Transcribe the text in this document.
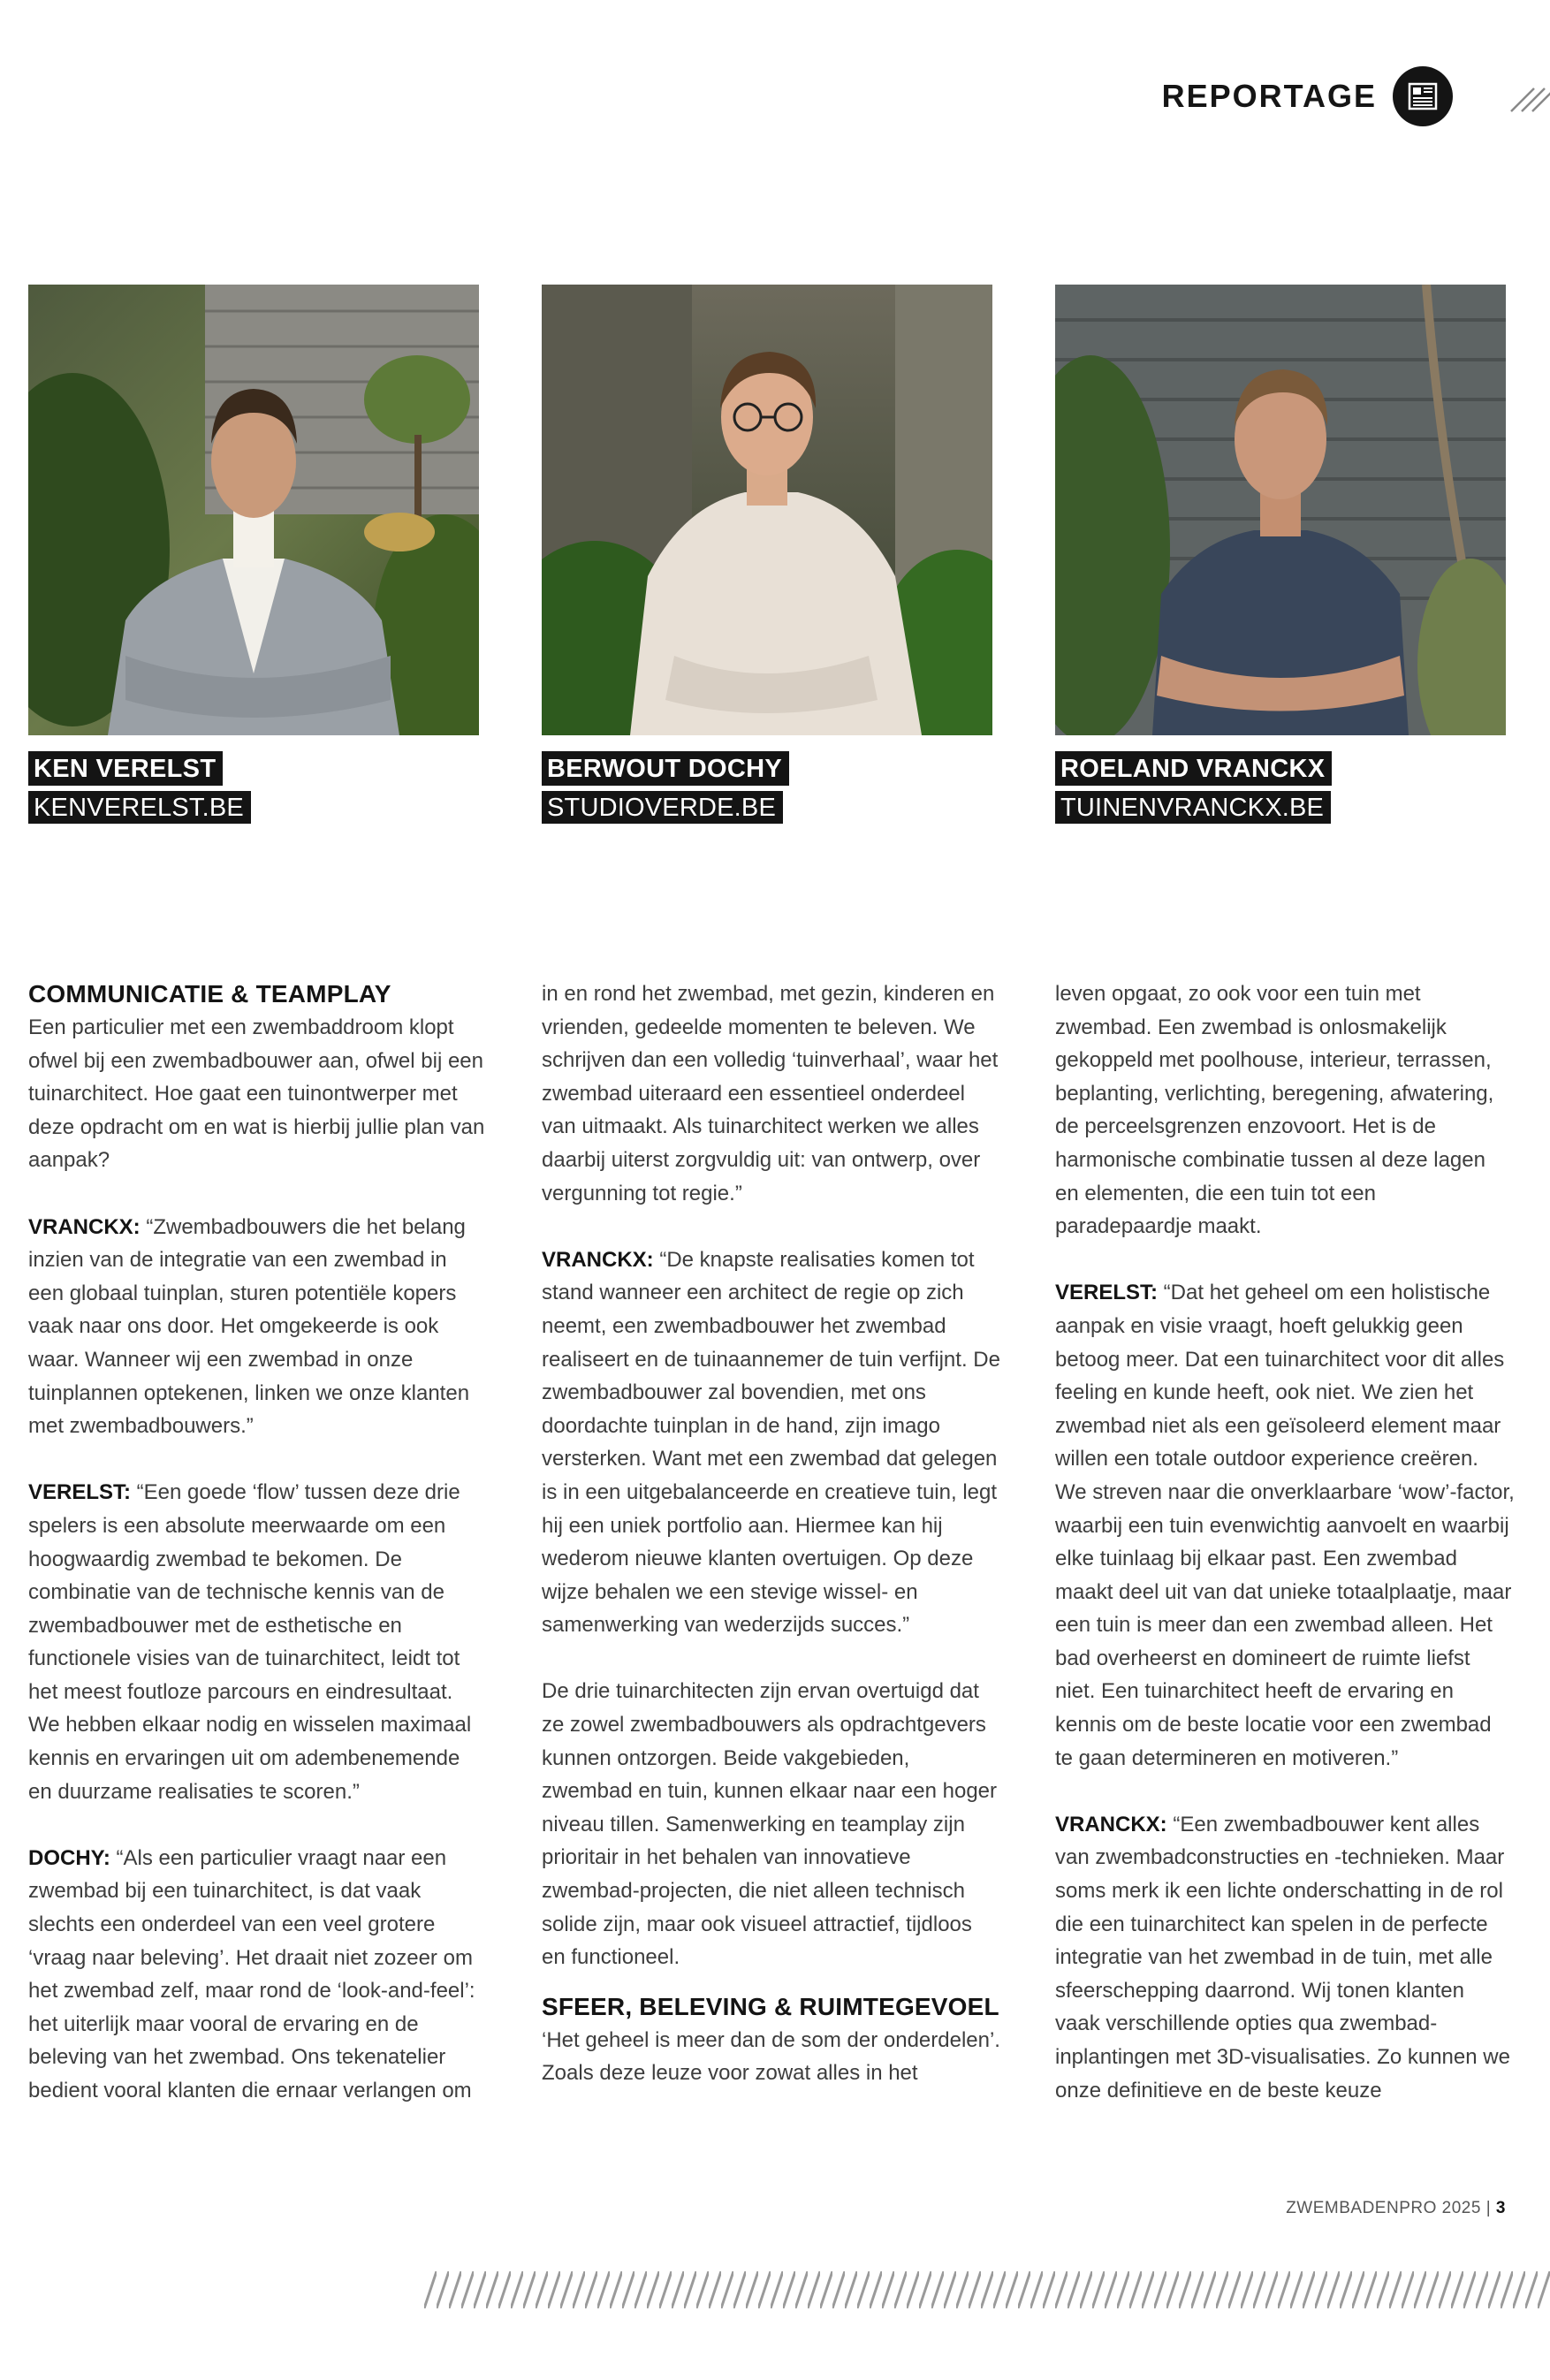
REPORTAGE
KEN VERELST
KENVERELST.BE
BERWOUT DOCHY
STUDIOVERDE.BE
ROELAND VRANCKX
TUINENVRANCKX.BE
COMMUNICATIE & TEAMPLAY

Een particulier met een zwembaddroom klopt ofwel bij een zwembadbouwer aan, ofwel bij een tuinarchitect. Hoe gaat een tuinontwerper met deze opdracht om en wat is hierbij jullie plan van aanpak?

VRANCKX: “Zwembadbouwers die het belang inzien van de integratie van een zwembad in een globaal tuinplan, sturen potentiële kopers vaak naar ons door. Het omgekeerde is ook waar. Wanneer wij een zwembad in onze tuinplannen optekenen, linken we onze klanten met zwembadbouwers.”

VERELST: “Een goede ‘flow’ tussen deze drie spelers is een absolute meerwaarde om een hoogwaardig zwembad te bekomen. De combinatie van de technische kennis van de zwembadbouwer met de esthetische en functionele visies van de tuinarchitect, leidt tot het meest foutloze parcours en eindresultaat. We hebben elkaar nodig en wisselen maximaal kennis en ervaringen uit om adembenemende en duurzame realisaties te scoren.”

DOCHY: “Als een particulier vraagt naar een zwembad bij een tuinarchitect, is dat vaak slechts een onderdeel van een veel grotere ‘vraag naar beleving’. Het draait niet zozeer om het zwembad zelf, maar rond de ‘look-and-feel’: het uiterlijk maar vooral de ervaring en de beleving van het zwembad. Ons tekenatelier bedient vooral klanten die ernaar verlangen om

in en rond het zwembad, met gezin, kinderen en vrienden, gedeelde momenten te beleven. We schrijven dan een volledig ‘tuinverhaal’, waar het zwembad uiteraard een essentieel onderdeel van uitmaakt. Als tuinarchitect werken we alles daarbij uiterst zorgvuldig uit: van ontwerp, over vergunning tot regie.”

VRANCKX: “De knapste realisaties komen tot stand wanneer een architect de regie op zich neemt, een zwembadbouwer het zwembad realiseert en de tuinaannemer de tuin verfijnt. De zwembadbouwer zal bovendien, met ons doordachte tuinplan in de hand, zijn imago versterken. Want met een zwembad dat gelegen is in een uitgebalanceerde en creatieve tuin, legt hij een uniek portfolio aan. Hiermee kan hij wederom nieuwe klanten overtuigen. Op deze wijze behalen we een stevige wissel- en samenwerking van wederzijds succes.”

De drie tuinarchitecten zijn ervan overtuigd dat ze zowel zwembadbouwers als opdrachtgevers kunnen ontzorgen. Beide vakgebieden, zwembad en tuin, kunnen elkaar naar een hoger niveau tillen. Samenwerking en teamplay zijn prioritair in het behalen van innovatieve zwembad-projecten, die niet alleen technisch solide zijn, maar ook visueel attractief, tijdloos en functioneel.

SFEER, BELEVING & RUIMTEGEVOEL

‘Het geheel is meer dan de som der onderdelen’. Zoals deze leuze voor zowat alles in het

leven opgaat, zo ook voor een tuin met zwembad. Een zwembad is onlosmakelijk gekoppeld met poolhouse, interieur, terrassen, beplanting, verlichting, beregening, afwatering, de perceelsgrenzen enzovoort. Het is de harmonische combinatie tussen al deze lagen en elementen, die een tuin tot een paradepaardje maakt.

VERELST: “Dat het geheel om een holistische aanpak en visie vraagt, hoeft gelukkig geen betoog meer. Dat een tuinarchitect voor dit alles feeling en kunde heeft, ook niet. We zien het zwembad niet als een geïsoleerd element maar willen een totale outdoor experience creëren. We streven naar die onverklaarbare ‘wow’-factor, waarbij een tuin evenwichtig aanvoelt en waarbij elke tuinlaag bij elkaar past. Een zwembad maakt deel uit van dat unieke totaalplaatje, maar een tuin is meer dan een zwembad alleen. Het bad overheerst en domineert de ruimte liefst niet. Een tuinarchitect heeft de ervaring en kennis om de beste locatie voor een zwembad te gaan determineren en motiveren.”

VRANCKX: “Een zwembadbouwer kent alles van zwembadconstructies en -technieken. Maar soms merk ik een lichte onderschatting in de rol die een tuinarchitect kan spelen in de perfecte integratie van het zwembad in de tuin, met alle sfeerschepping daarrond. Wij tonen klanten vaak verschillende opties qua zwembad-inplantingen met 3D-visualisaties. Zo kunnen we onze definitieve en de beste keuze

ZWEMBADENPRO 2025 | 3
